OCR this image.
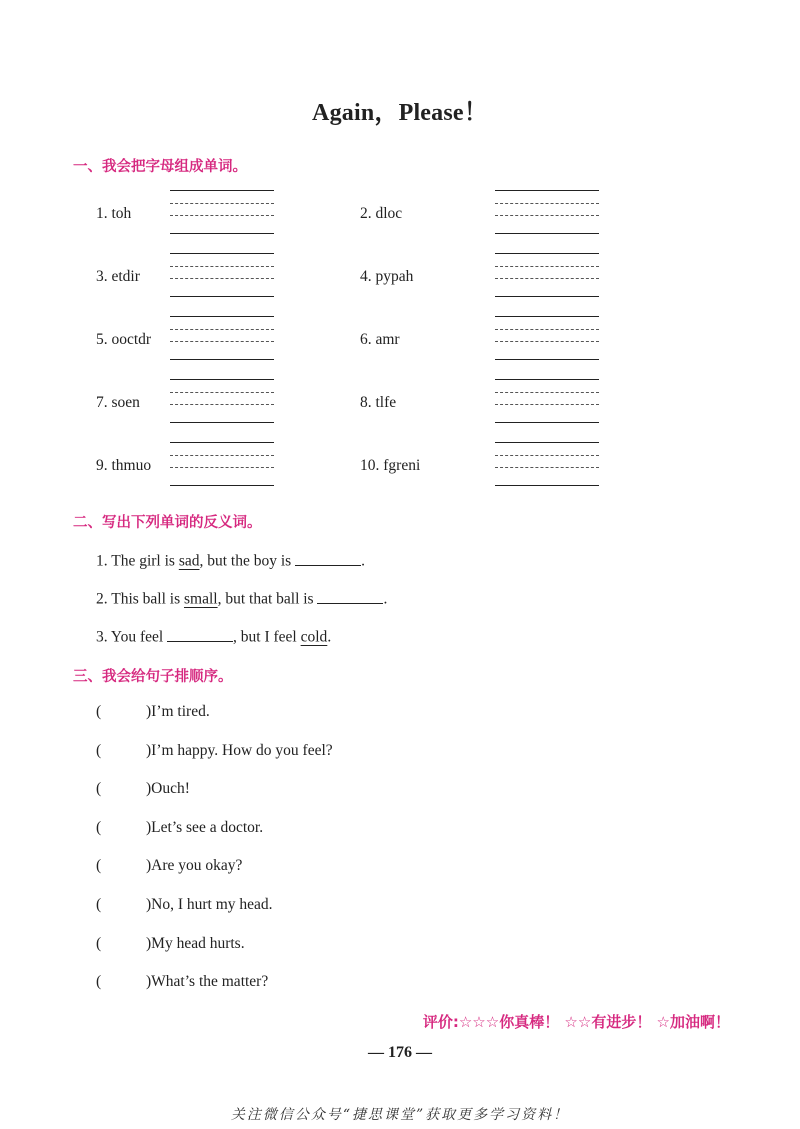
Again，Please！
一、我会把字母组成单词。
1. toh	2. dloc
3. etdir	4. pypah
5. ooctdr	6. amr
7. soen	8. tlfe
9. thmuo	10. fgreni
二、写出下列单词的反义词。
1. The girl is sad, but the boy is	.
2. This ball is small, but that ball is	.
3. You feel	, but I feel cold.
三、我会给句子排顺序。
(	)I’m tired.
(	)I’m happy. How do you feel?
(	)Ouch!
(	)Let’s see a doctor.
(	)Are you okay?
(	)No, I hurt my head.
(	)My head hurts.
(	)What’s the matter?
评价:☆☆☆你真棒！ ☆☆有进步！ ☆加油啊！
— 176 —
关注微信公众号“捷思课堂”获取更多学习资料！
